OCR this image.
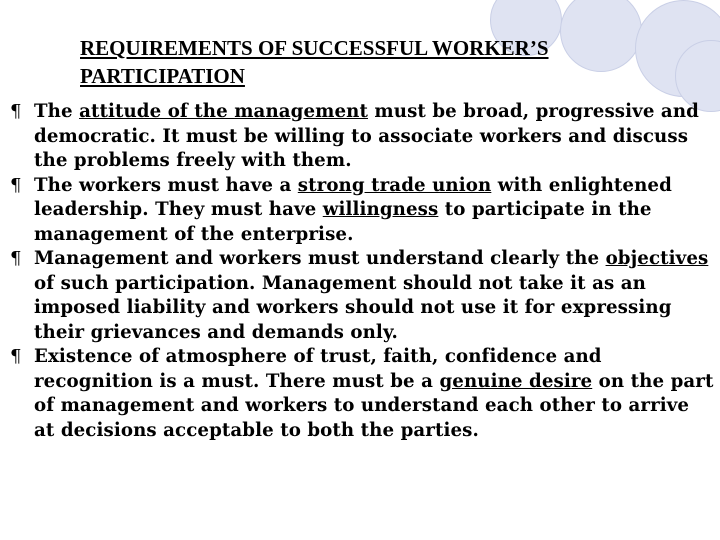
REQUIREMENTS OF SUCCESSFUL WORKER’S PARTICIPATION
¶ The attitude of the management must be broad, progressive and democratic. It must be willing to associate workers and discuss the problems freely with them.
¶ The workers must have a strong trade union with enlightened leadership. They must have willingness to participate in the management of the enterprise.
¶ Management and workers must understand clearly the objectives of such participation. Management should not take it as an imposed liability and workers should not use it for expressing their grievances and demands only.
¶ Existence of atmosphere of trust, faith, confidence and recognition is a must. There must be a genuine desire on the part of management and workers to understand each other to arrive at decisions acceptable to both the parties.
